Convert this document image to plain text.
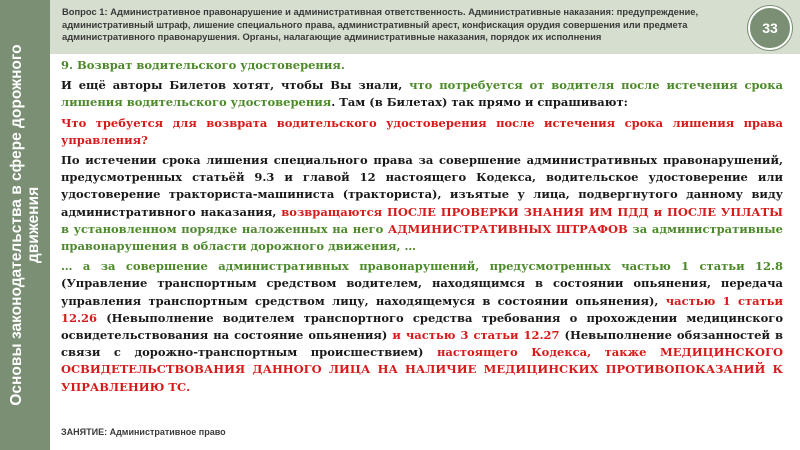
Основы законодательства в сфере дорожного движения
Вопрос 1: Административное правонарушение и административная ответственность. Административные наказания: предупреждение, административный штраф, лишение специального права, административный арест, конфискация орудия совершения или предмета административного правонарушения. Органы, налагающие административные наказания, порядок их исполнения
33

9. Возврат водительского удостоверения.

И ещё авторы Билетов хотят, чтобы Вы знали, что потребуется от водителя после истечения срока лишения водительского удостоверения. Там (в Билетах) так прямо и спрашивают:

Что требуется для возврата водительского удостоверения после истечения срока лишения права управления?

По истечении срока лишения специального права за совершение административных правонарушений, предусмотренных статьёй 9.3 и главой 12 настоящего Кодекса, водительское удостоверение или удостоверение тракториста-машиниста (тракториста), изъятые у лица, подвергнутого данному виду административного наказания, возвращаются ПОСЛЕ ПРОВЕРКИ ЗНАНИЯ ИМ ПДД и ПОСЛЕ УПЛАТЫ в установленном порядке наложенных на него АДМИНИСТРАТИВНЫХ ШТРАФОВ за административные правонарушения в области дорожного движения, …

… а за совершение административных правонарушений, предусмотренных частью 1 статьи 12.8 (Управление транспортным средством водителем, находящимся в состоянии опьянения, передача управления транспортным средством лицу, находящемуся в состоянии опьянения), частью 1 статьи 12.26 (Невыполнение водителем транспортного средства требования о прохождении медицинского освидетельствования на состояние опьянения) и частью 3 статьи 12.27 (Невыполнение обязанностей в связи с дорожно-транспортным происшествием) настоящего Кодекса, также МЕДИЦИНСКОГО ОСВИДЕТЕЛЬСТВОВАНИЯ ДАННОГО ЛИЦА НА НАЛИЧИЕ МЕДИЦИНСКИХ ПРОТИВОПОКАЗАНИЙ К УПРАВЛЕНИЮ ТС.

ЗАНЯТИЕ: Административное право
